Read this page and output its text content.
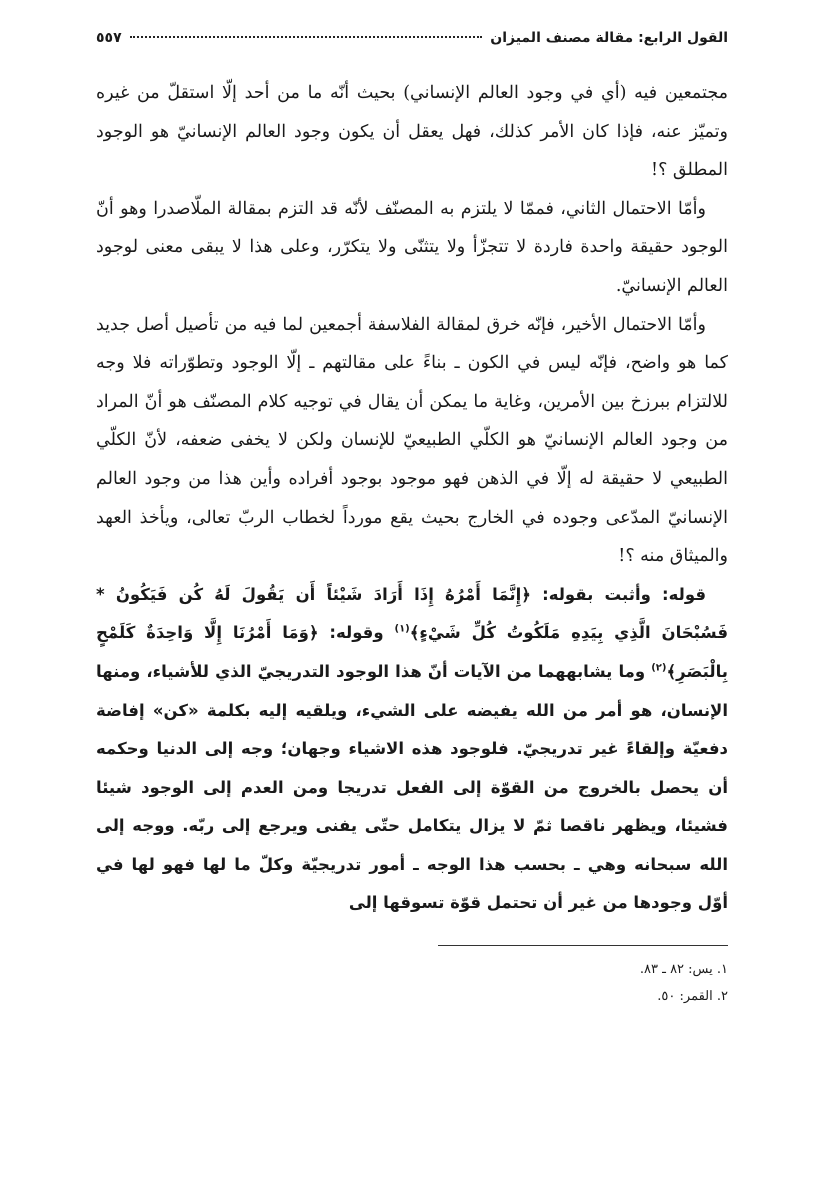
القول الرابع: مقالة مصنف الميزان
٥٥٧

مجتمعين فيه (أي في وجود العالم الإنساني) بحيث أنّه ما من أحد إلّا استقلّ من غيره وتميّز عنه، فإذا كان الأمر كذلك، فهل يعقل أن يكون وجود العالم الإنسانيّ هو الوجود المطلق ؟!

وأمّا الاحتمال الثاني، فممّا لا يلتزم به المصنّف لأنّه قد التزم بمقالة الملّاصدرا وهو أنّ الوجود حقيقة واحدة فاردة لا تتجزّأ ولا يتثنّى ولا يتكرّر، وعلى هذا لا يبقى معنى لوجود العالم الإنسانيّ.

وأمّا الاحتمال الأخير، فإنّه خرق لمقالة الفلاسفة أجمعين لما فيه من تأصيل أصل جديد كما هو واضح، فإنّه ليس في الكون ـ بناءً على مقالتهم ـ إلّا الوجود وتطوّراته فلا وجه للالتزام ببرزخ بين الأمرين، وغاية ما يمكن أن يقال في توجيه كلام المصنّف هو أنّ المراد من وجود العالم الإنسانيّ هو الكلّي الطبيعيّ للإنسان ولكن لا يخفى ضعفه، لأنّ الكلّي الطبيعي لا حقيقة له إلّا في الذهن فهو موجود بوجود أفراده وأين هذا من وجود العالم الإنسانيّ المدّعى وجوده في الخارج بحيث يقع مورداً لخطاب الربّ تعالى، ويأخذ العهد والميثاق منه ؟!

قوله: وأثبت بقوله: ﴿إِنَّمَا أَمْرُهُ إِذَا أَرَادَ شَيْئاً أَن يَقُولَ لَهُ كُن فَيَكُونُ * فَسُبْحَانَ الَّذِي بِيَدِهِ مَلَكُوتُ كُلِّ شَيْءٍ﴾$^{(١)}$ وقوله: ﴿وَمَا أَمْرُنَا إِلَّا وَاحِدَةٌ كَلَمْحٍ بِالْبَصَرِ﴾$^{(٢)}$ وما يشابههما من الآيات أنّ هذا الوجود التدريجيّ الذي للأشياء، ومنها الإنسان، هو أمر من الله يفيضه على الشيء، ويلقيه إليه بكلمة «كن» إفاضة دفعيّة وإلقاءً غير تدريجيّ. فلوجود هذه الاشياء وجهان؛ وجه إلى الدنيا وحكمه أن يحصل بالخروج من القوّة إلى الفعل تدريجا ومن العدم إلى الوجود شيئا فشيئا، ويظهر ناقصا ثمّ لا يزال يتكامل حتّى يفنى ويرجع إلى ربّه. ووجه إلى الله سبحانه وهي ـ بحسب هذا الوجه ـ أمور تدريجيّة وكلّ ما لها فهو لها في أوّل وجودها من غير أن تحتمل قوّة تسوقها إلى

١. يس: ٨٢ ـ ٨٣.
٢. القمر: ٥٠.
